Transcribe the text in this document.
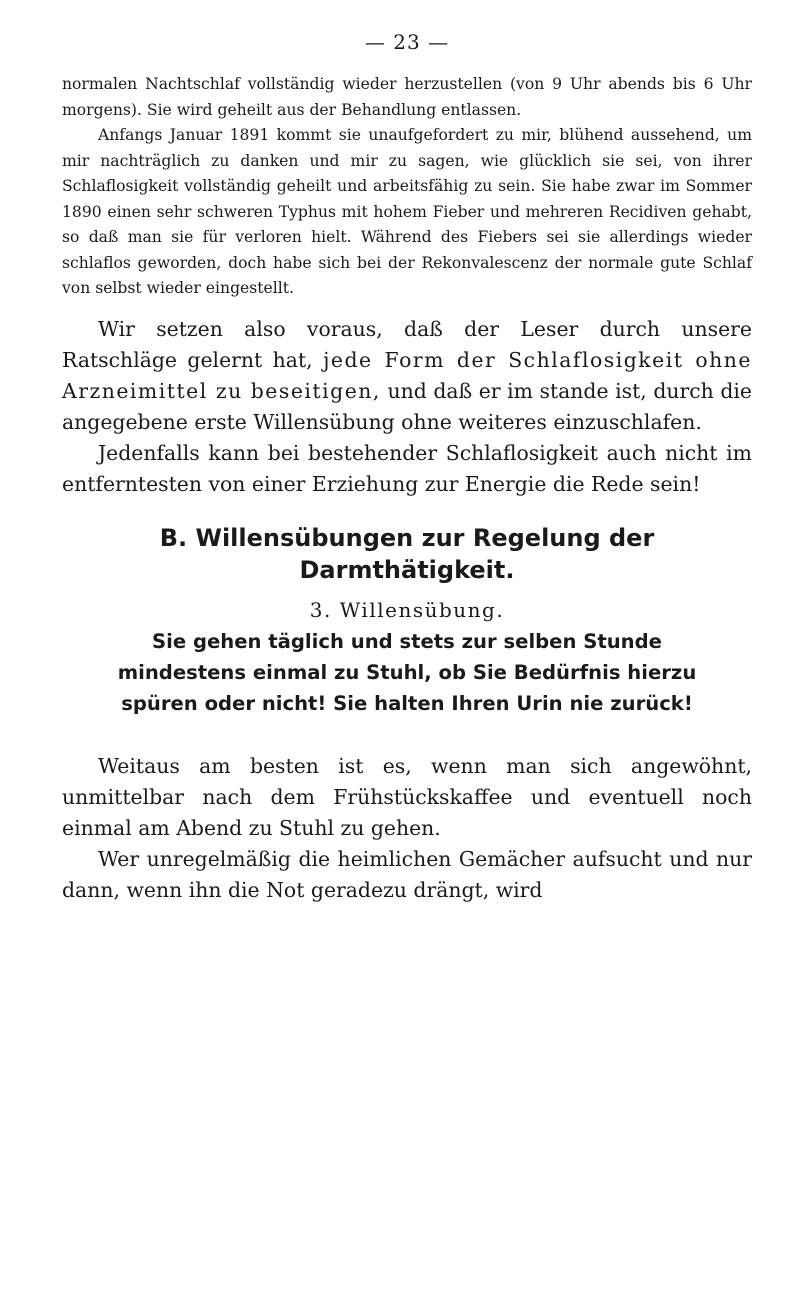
— 23 —

normalen Nachtschlaf vollständig wieder herzustellen (von 9 Uhr abends bis 6 Uhr morgens). Sie wird geheilt aus der Behandlung entlassen.

Anfangs Januar 1891 kommt sie unaufgefordert zu mir, blühend aussehend, um mir nachträglich zu danken und mir zu sagen, wie glücklich sie sei, von ihrer Schlaflosigkeit vollständig geheilt und arbeitsfähig zu sein. Sie habe zwar im Sommer 1890 einen sehr schweren Typhus mit hohem Fieber und mehreren Recidiven gehabt, so daß man sie für verloren hielt. Während des Fiebers sei sie allerdings wieder schlaflos geworden, doch habe sich bei der Rekonvalescenz der normale gute Schlaf von selbst wieder eingestellt.

Wir setzen also voraus, daß der Leser durch unsere Ratschläge gelernt hat, jede Form der Schlaflosigkeit ohne Arzneimittel zu beseitigen, und daß er im stande ist, durch die angegebene erste Willensübung ohne weiteres einzuschlafen.

Jedenfalls kann bei bestehender Schlaflosigkeit auch nicht im entferntesten von einer Erziehung zur Energie die Rede sein!

B. Willensübungen zur Regelung der
Darmthätigkeit.
3. Willensübung.
Sie gehen täglich und stets zur selben Stunde
mindestens einmal zu Stuhl, ob Sie Bedürfnis hierzu
spüren oder nicht! Sie halten Ihren Urin nie zurück!

Weitaus am besten ist es, wenn man sich angewöhnt, unmittelbar nach dem Frühstückskaffee und eventuell noch einmal am Abend zu Stuhl zu gehen.

Wer unregelmäßig die heimlichen Gemächer aufsucht und nur dann, wenn ihn die Not geradezu drängt, wird
